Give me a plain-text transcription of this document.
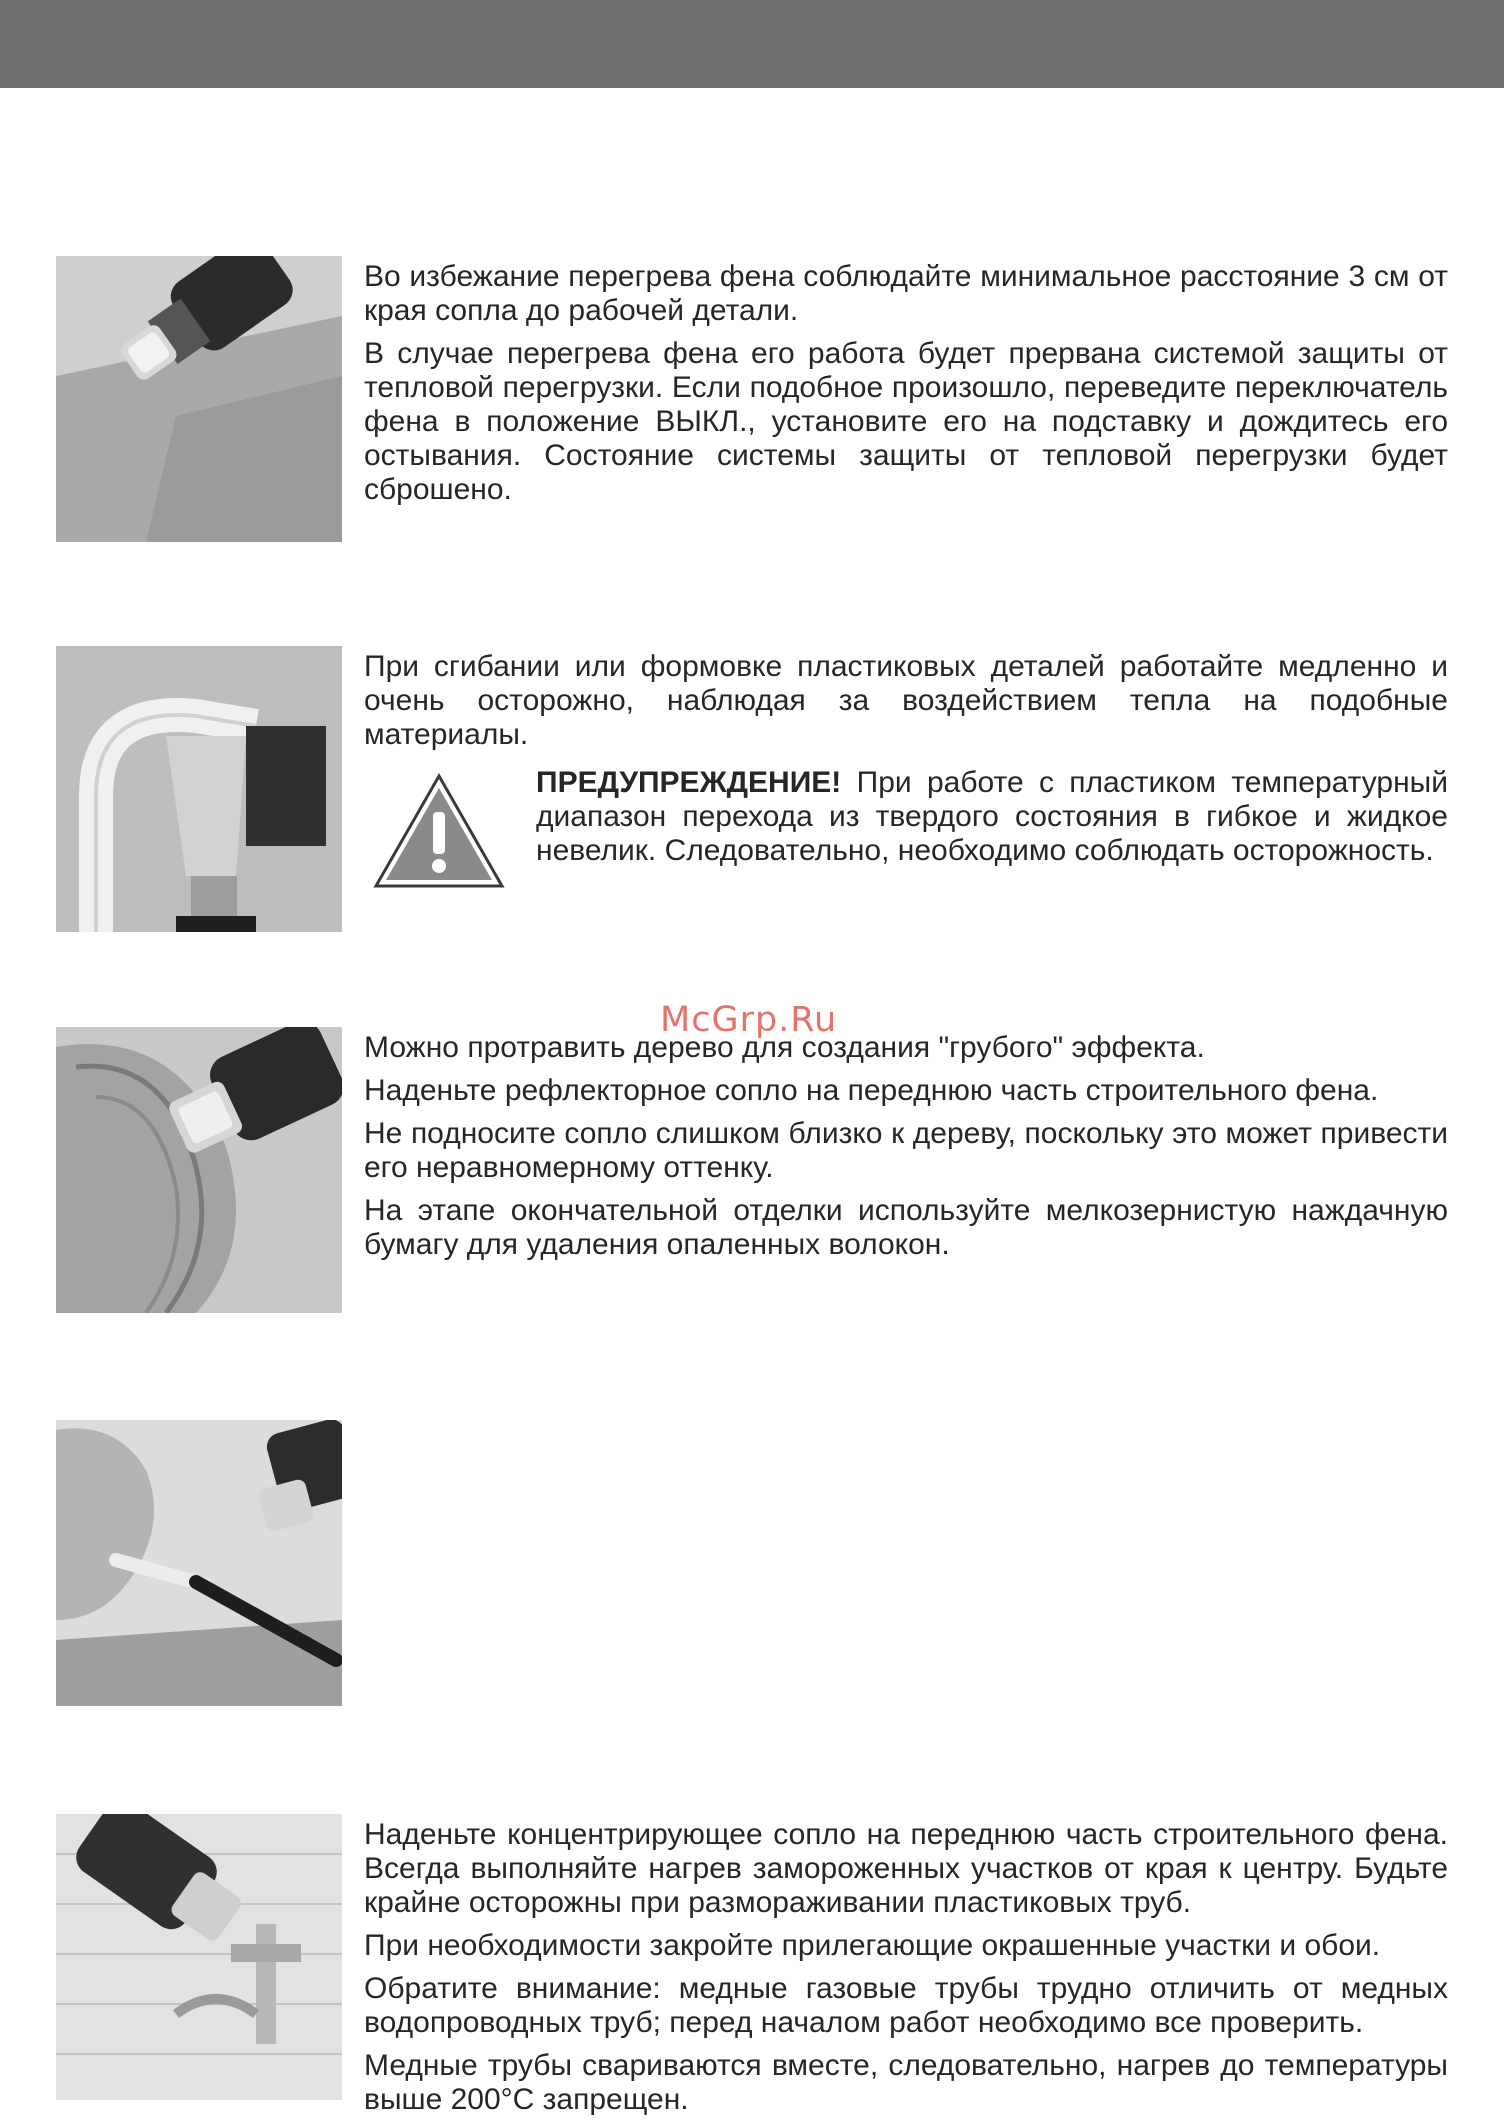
Во избежание перегрева фена соблюдайте минимальное расстояние 3 см от края сопла до рабочей детали.

В случае перегрева фена его работа будет прервана системой защиты от тепловой перегрузки. Если подобное произошло, переведите переключатель фена в положение ВЫКЛ., установите его на подставку и дождитесь его остывания. Состояние системы защиты от тепловой перегрузки будет сброшено.

При сгибании или формовке пластиковых деталей работайте медленно и очень осторожно, наблюдая за воздействием тепла на подобные материалы.

ПРЕДУПРЕЖДЕНИЕ! При работе с пластиком температурный диапазон перехода из твердого состояния в гибкое и жидкое невелик. Следовательно, необходимо соблюдать осторожность.

Можно протравить дерево для создания "грубого" эффекта.

Наденьте рефлекторное сопло на переднюю часть строительного фена.

Не подносите сопло слишком близко к дереву, поскольку это может привести его неравномерному оттенку.

На этапе окончательной отделки используйте мелкозернистую наждачную бумагу для удаления опаленных волокон.

Наденьте концентрирующее сопло на переднюю часть строительного фена. Всегда выполняйте нагрев замороженных участков от края к центру. Будьте крайне осторожны при размораживании пластиковых труб.

При необходимости закройте прилегающие окрашенные участки и обои.

Обратите внимание: медные газовые трубы трудно отличить от медных водопроводных труб; перед началом работ необходимо все проверить.

Медные трубы свариваются вместе, следовательно, нагрев до температуры выше 200°С запрещен.

McGrp.Ru
